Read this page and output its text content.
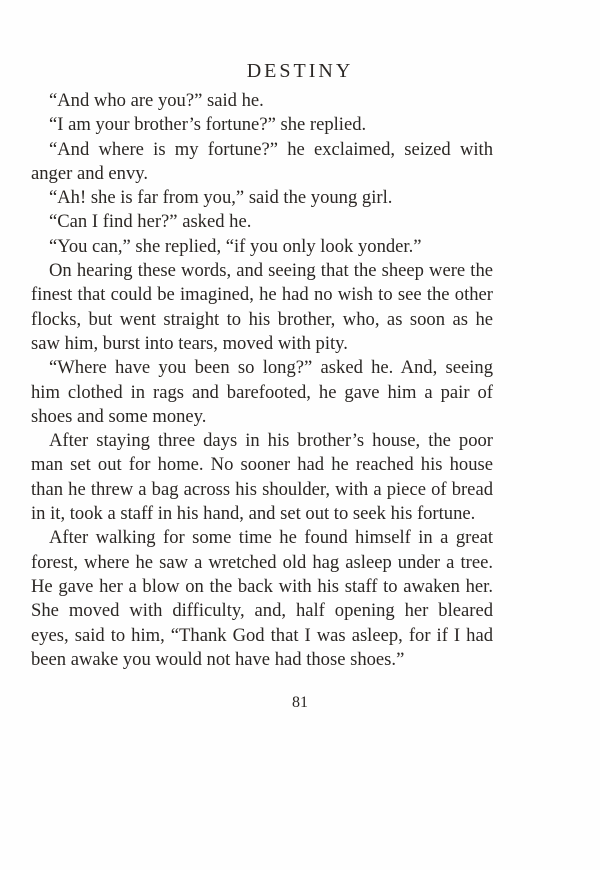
DESTINY

“And who are you?” said he.

“I am your brother’s fortune?” she replied.

“And where is my fortune?” he exclaimed, seized with anger and envy.

“Ah! she is far from you,” said the young girl.

“Can I find her?” asked he.

“You can,” she replied, “if you only look yonder.”

On hearing these words, and seeing that the sheep were the finest that could be imagined, he had no wish to see the other flocks, but went straight to his brother, who, as soon as he saw him, burst into tears, moved with pity.

“Where have you been so long?” asked he. And, seeing him clothed in rags and barefooted, he gave him a pair of shoes and some money.

After staying three days in his brother’s house, the poor man set out for home. No sooner had he reached his house than he threw a bag across his shoulder, with a piece of bread in it, took a staff in his hand, and set out to seek his fortune.

After walking for some time he found himself in a great forest, where he saw a wretched old hag asleep under a tree. He gave her a blow on the back with his staff to awaken her. She moved with difficulty, and, half opening her bleared eyes, said to him, “Thank God that I was asleep, for if I had been awake you would not have had those shoes.”

81
